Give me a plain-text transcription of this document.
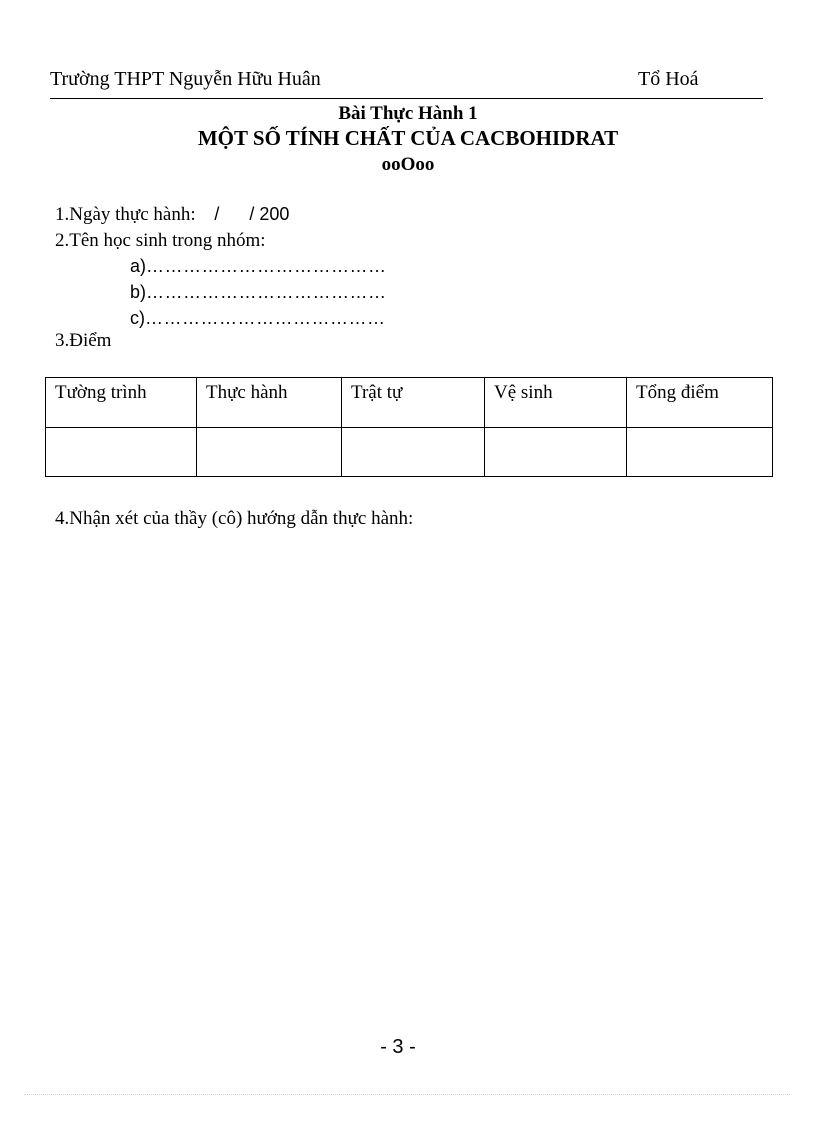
Trường THPT Nguyễn Hữu Huân	Tổ Hoá
Bài Thực Hành 1
MỘT SỐ TÍNH CHẤT CỦA CACBOHIDRAT
ooOoo
1.Ngày thực hành: /      / 200
2.Tên học sinh trong nhóm:
a)…………………………………
b)…………………………………
c)…………………………………
3.Điểm
Tường trình	Thực hành	Trật tự	Vệ sinh	Tổng điểm

4.Nhận xét của thầy (cô) hướng dẫn thực hành:
- 3 -
